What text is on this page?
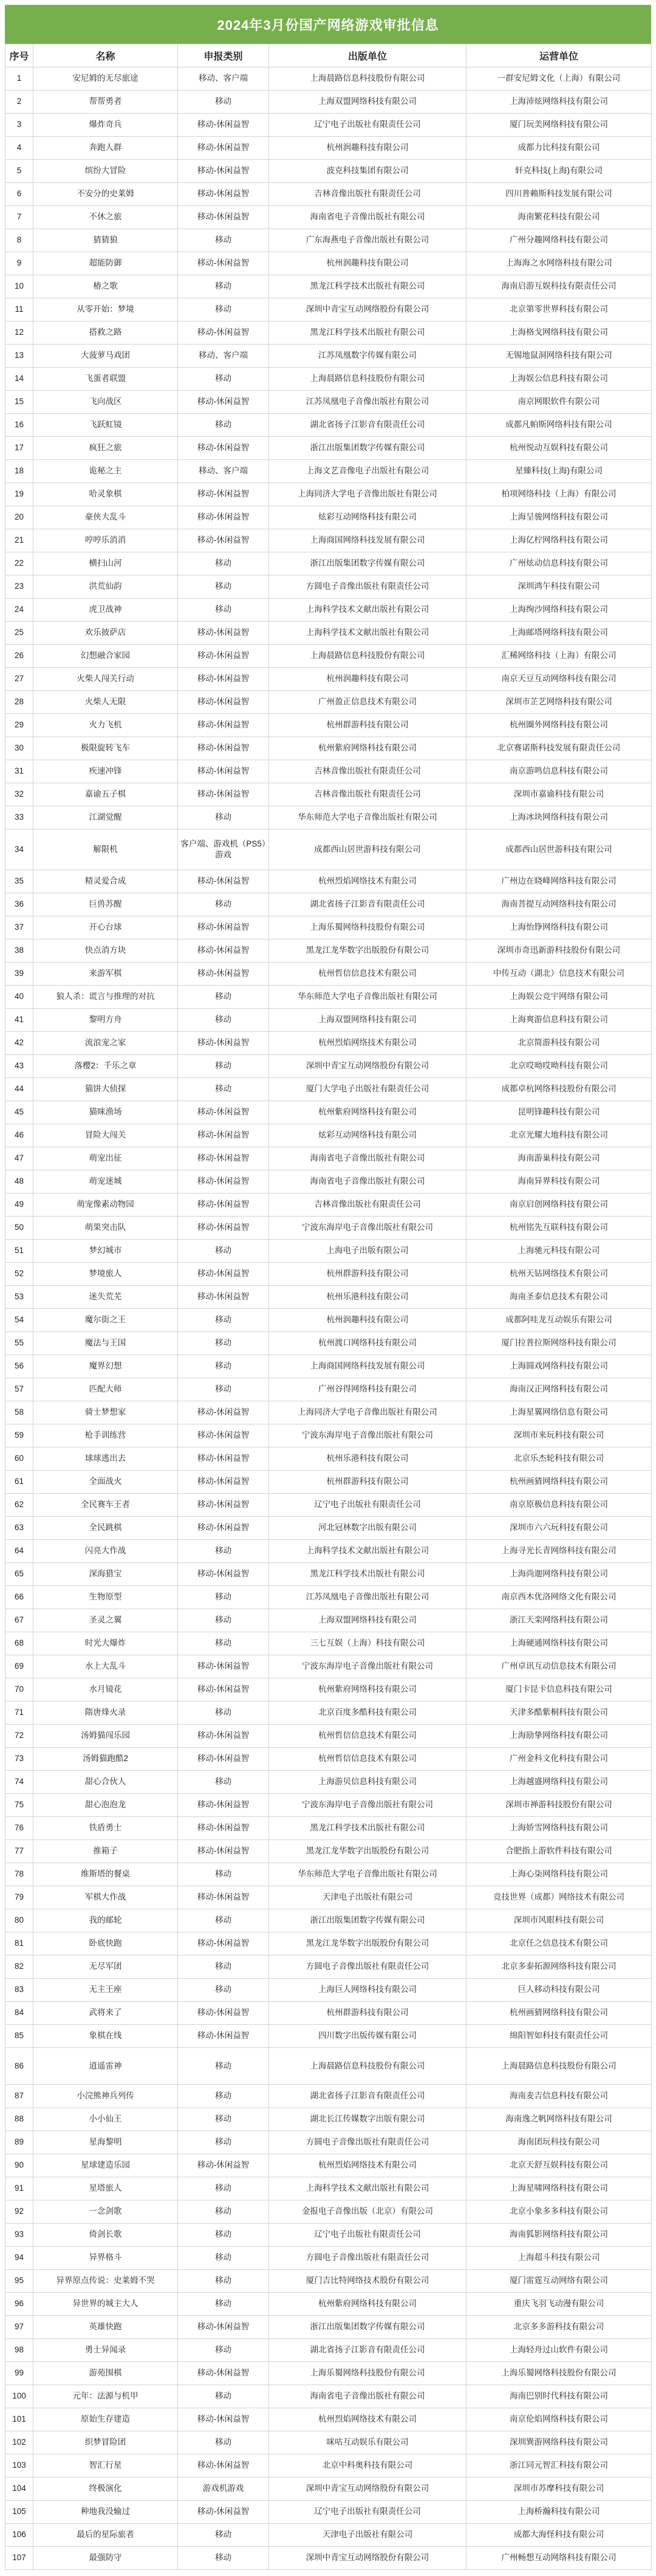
2024年3月份国产网络游戏审批信息
序号	名称	申报类别	出版单位	运营单位
1	安尼姆的无尽旅途	移动、客户端	上海晨路信息科技股份有限公司	一群安尼姆文化（上海）有限公司
2	帮帮勇者	移动	上海双盟网络科技有限公司	上海沛炫网络科技有限公司
3	爆炸奇兵	移动-休闲益智	辽宁电子出版社有限责任公司	厦门玩美网络科技有限公司
4	奔跑人群	移动-休闲益智	杭州润趣科技有限公司	成都力比科技有限公司
5	缤纷大冒险	移动-休闲益智	波克科技集团有限公司	轩克科技(上海)有限公司
6	不安分的史莱姆	移动-休闲益智	吉林音像出版社有限责任公司	四川普赖斯科技发展有限公司
7	不休之旅	移动-休闲益智	海南省电子音像出版社有限公司	海南繁花科技有限公司
8	猜猜狼	移动	广东海燕电子音像出版社有限公司	广州分趣网络科技有限公司
9	超能防御	移动-休闲益智	杭州润趣科技有限公司	上海海之水网络科技有限公司
10	椿之歌	移动	黑龙江科学技术出版社有限公司	海南启游互娱科技有限责任公司
11	从零开始：梦境	移动	深圳中青宝互动网络股份有限公司	北京第零世界科技有限公司
12	搭救之路	移动-休闲益智	黑龙江科学技术出版社有限公司	上海格戈网络科技有限公司
13	大菠萝马戏团	移动、客户端	江苏凤凰数字传媒有限公司	无锡地鼠洞网络科技有限公司
14	飞蛋者联盟	移动	上海晨路信息科技股份有限公司	上海娱公信息科技有限公司
15	飞向战区	移动-休闲益智	江苏凤凰电子音像出版社有限公司	南京网眼软件有限公司
16	飞跃虹镜	移动	湖北省扬子江影音有限责任公司	成都凡帕斯网络科技有限公司
17	疯狂之旅	移动-休闲益智	浙江出版集团数字传媒有限公司	杭州悦动互娱科技有限公司
18	诡秘之主	移动、客户端	上海文艺音像电子出版社有限公司	星臻科技(上海)有限公司
19	哈灵象棋	移动-休闲益智	上海同济大学电子音像出版社有限公司	柏项网络科技（上海）有限公司
20	豪侠大乱斗	移动-休闲益智	炫彩互动网络科技有限公司	上海呈骏网络科技有限公司
21	哼哼乐消消	移动-休闲益智	上海商国网络科技发展有限公司	上海亿柠网络科技有限公司
22	横扫山河	移动	浙江出版集团数字传媒有限公司	广州炫动信息科技有限公司
23	洪荒仙韵	移动	方圆电子音像出版社有限责任公司	深圳鸿午科技有限公司
24	虎卫战神	移动	上海科学技术文献出版社有限公司	上海绚沙网络科技有限公司
25	欢乐披萨店	移动-休闲益智	上海科学技术文献出版社有限公司	上海邮塔网络科技有限公司
26	幻想融合家园	移动-休闲益智	上海晨路信息科技股份有限公司	汇稀网络科技（上海）有限公司
27	火柴人闯关行动	移动-休闲益智	杭州润趣科技有限公司	南京天豆互动网络科技有限公司
28	火柴人无限	移动-休闲益智	广州盈正信息技术有限公司	深圳市芷艺网络科技有限公司
29	火力飞机	移动-休闲益智	杭州群游科技有限公司	杭州圈外网络科技有限公司
30	极限旋转飞车	移动-休闲益智	杭州紫府网络科技有限公司	北京赛诺斯科技发展有限责任公司
31	疾速冲锋	移动-休闲益智	吉林音像出版社有限责任公司	南京游鸣信息科技有限公司
32	嘉谕五子棋	移动-休闲益智	吉林音像出版社有限责任公司	深圳市嘉谕科技有限公司
33	江湖觉醒	移动	华东师范大学电子音像出版社有限公司	上海冰块网络科技有限公司
34	解限机	客户端、游戏机（PS5）游戏	成都西山居世游科技有限公司	成都西山居世游科技有限公司
35	精灵爱合成	移动-休闲益智	杭州烈焰网络技术有限公司	广州边在晓峰网络科技有限公司
36	巨兽苏醒	移动	湖北省扬子江影音有限责任公司	海南菩提互动网络科技有限公司
37	开心台球	移动-休闲益智	上海乐蜀网络科技股份有限公司	上海怡铮网络科技有限公司
38	快点消方块	移动-休闲益智	黑龙江龙华数字出版股份有限公司	深圳市奇迅新游科技股份有限公司
39	来游军棋	移动-休闲益智	杭州哲信信息技术有限公司	中传互动（湖北）信息技术有限公司
40	狼人杀：谎言与推理的对抗	移动	华东师范大学电子音像出版社有限公司	上海娱公竞宇网络有限公司
41	黎明方舟	移动	上海双盟网络科技有限公司	上海爽游信息科技有限公司
42	流浪宠之家	移动-休闲益智	杭州烈焰网络技术有限公司	北京简游科技有限公司
43	落樱2：千乐之章	移动	深圳中青宝互动网络股份有限公司	北京哎呦哎呦科技有限公司
44	猫饼大侦探	移动	厦门大学电子出版社有限责任公司	成都卓杭网络科技股份有限公司
45	猫咪渔场	移动-休闲益智	杭州紫府网络科技有限公司	昆明锋趣科技有限公司
46	冒险大闯关	移动-休闲益智	炫彩互动网络科技有限公司	北京光耀大地科技有限公司
47	萌宠出征	移动-休闲益智	海南省电子音像出版社有限公司	海南游巢科技有限公司
48	萌宠迷城	移动-休闲益智	海南省电子音像出版社有限公司	海南异界科技有限公司
49	萌宠像素动物园	移动-休闲益智	吉林音像出版社有限责任公司	南京启创网络科技有限公司
50	萌果突击队	移动-休闲益智	宁波东海岸电子音像出版社有限公司	杭州铭先互联科技有限公司
51	梦幻城市	移动	上海电子出版有限公司	上海驰元科技有限公司
52	梦境旅人	移动-休闲益智	杭州群游科技有限公司	杭州天钻网络技术有限公司
53	迷失荒芜	移动-休闲益智	杭州乐港科技有限公司	海南圣泰信息技术有限公司
54	魔尔街之王	移动	杭州润趣科技有限公司	成都阿哇龙互动娱乐有限公司
55	魔法与王国	移动	杭州渡口网络科技有限公司	厦门拉普拉斯网络科技有限公司
56	魔界幻想	移动	上海商国网络科技发展有限公司	上海圆戏网络科技有限公司
57	匹配大师	移动	广州谷得网络科技有限公司	海南汉正网络科技有限公司
58	骑士梦想家	移动-休闲益智	上海同济大学电子音像出版社有限公司	上海星翼网络信息有限公司
59	枪手训练营	移动-休闲益智	宁波东海岸电子音像出版社有限公司	深圳市来玩科技有限公司
60	球球逃出去	移动-休闲益智	杭州乐港科技有限公司	北京乐杰轮科技有限公司
61	全面战火	移动-休闲益智	杭州群游科技有限公司	杭州画猜网络科技有限公司
62	全民赛车王者	移动-休闲益智	辽宁电子出版社有限责任公司	南京原极信息科技有限公司
63	全民跳棋	移动-休闲益智	河北冠林数字出版有限公司	深圳市六六玩科技有限公司
64	闪亮大作战	移动	上海科学技术文献出版社有限公司	上海寻光长青网络科技有限公司
65	深海猎宝	移动-休闲益智	黑龙江科学技术出版社有限公司	上海尚迦网络科技有限公司
66	生物原型	移动	江苏凤凰电子音像出版社有限公司	南京西木优洛网络文化有限公司
67	圣灵之翼	移动	上海双盟网络科技有限公司	浙江天栾网络科技有限公司
68	时光大爆炸	移动	三七互娱（上海）科技有限公司	上海硬通网络科技有限公司
69	水上大乱斗	移动-休闲益智	宁波东海岸电子音像出版社有限公司	广州卓讯互动信息技术有限公司
70	水月镜花	移动-休闲益智	杭州紫府网络科技有限公司	厦门卡昆卡信息科技有限公司
71	隋唐烽火录	移动	北京百度多酷科技有限公司	天津多酷紫桐科技有限公司
72	汤姆猫闯乐园	移动-休闲益智	杭州哲信信息技术有限公司	上海励挚网络科技有限公司
73	汤姆猫跑酷2	移动-休闲益智	杭州哲信信息技术有限公司	广州金科文化科技有限公司
74	甜心合伙人	移动	上海游贝信息科技有限公司	上海越盛网络科技有限公司
75	甜心泡泡龙	移动-休闲益智	宁波东海岸电子音像出版社有限公司	深圳市禅游科技股份有限公司
76	铁盾勇士	移动-休闲益智	黑龙江科学技术出版社有限公司	上海娇雪网络科技有限公司
77	推箱子	移动-休闲益智	黑龙江龙华数字出版股份有限公司	合肥指上游软件科技有限公司
78	维斯塔的餐桌	移动	华东师范大学电子音像出版社有限公司	上海心柒网络科技有限公司
79	军棋大作战	移动-休闲益智	天津电子出版社有限公司	竞技世界（成都）网络技术有限公司
80	我的邮轮	移动	浙江出版集团数字传媒有限公司	深圳市风眼科技有限公司
81	卧底快跑	移动-休闲益智	黑龙江龙华数字出版股份有限公司	北京任之信息技术有限公司
82	无尽军团	移动	方圆电子音像出版社有限责任公司	北京多泰拓源网络科技有限公司
83	无主王座	移动	上海巨人网络科技有限公司	巨人移动科技有限公司
84	武将来了	移动-休闲益智	杭州群游科技有限公司	杭州画猜网络科技有限公司
85	象棋在线	移动-休闲益智	四川数字出版传媒有限公司	绵阳智如科技有限责任公司
86	逍遥雷神	移动	上海晨路信息科技股份有限公司	上海晨路信息科技股份有限公司
87	小浣熊神兵列传	移动	湖北省扬子江影音有限责任公司	海南麦吉信息科技有限公司
88	小小仙王	移动	湖北长江传媒数字出版有限公司	海南逸之帆网络科技有限公司
89	星海黎明	移动	方圆电子音像出版社有限责任公司	海南团玩科技有限公司
90	星球建造乐园	移动-休闲益智	杭州烈焰网络技术有限公司	北京天舒互娱科技有限公司
91	星塔旅人	移动	上海科学技术文献出版社有限公司	上海星啸网络科技有限公司
92	一念剑歌	移动	金报电子音像出版（北京）有限公司	北京小象多多科技有限公司
93	倚剑长歌	移动	辽宁电子出版社有限责任公司	海南狐影网络科技有限公司
94	异界格斗	移动	方圆电子音像出版社有限责任公司	上海超斗科技有限公司
95	异界原点传说：史莱姆不哭	移动	厦门吉比特网络技术股份有限公司	厦门雷霆互动网络有限公司
96	异世界的城主大人	移动	杭州紫府网络科技有限公司	重庆飞羽飞动漫有限公司
97	英雄快跑	移动-休闲益智	浙江出版集团数字传媒有限公司	北京多多游科技有限公司
98	勇士异闻录	移动	湖北省扬子江影音有限责任公司	上海轻舟过山软件有限公司
99	游苑围棋	移动-休闲益智	上海乐蜀网络科技股份有限公司	上海乐蜀网络科技股份有限公司
100	元年：法源与机甲	移动	海南省电子音像出版社有限公司	海南巴别时代科技有限公司
101	原始生存建造	移动-休闲益智	杭州烈焰网络技术有限公司	南京伦焰网络科技有限公司
102	织梦冒险团	移动	咪咕互动娱乐有限公司	深圳巽游网络科技有限公司
103	智汇行星	移动-休闲益智	北京中科奥科技有限公司	浙江同元智汇科技有限公司
104	终极演化	游戏机游戏	深圳中青宝互动网络股份有限公司	深圳市苏摩科技有限公司
105	种地我没输过	移动-休闲益智	辽宁电子出版社有限责任公司	上海桥瀚科技有限公司
106	最后的星际旅者	移动	天津电子出版社有限公司	成都大海怪科技有限公司
107	最强防守	移动	深圳中青宝互动网络股份有限公司	广州畅想互动网络科技有限公司
